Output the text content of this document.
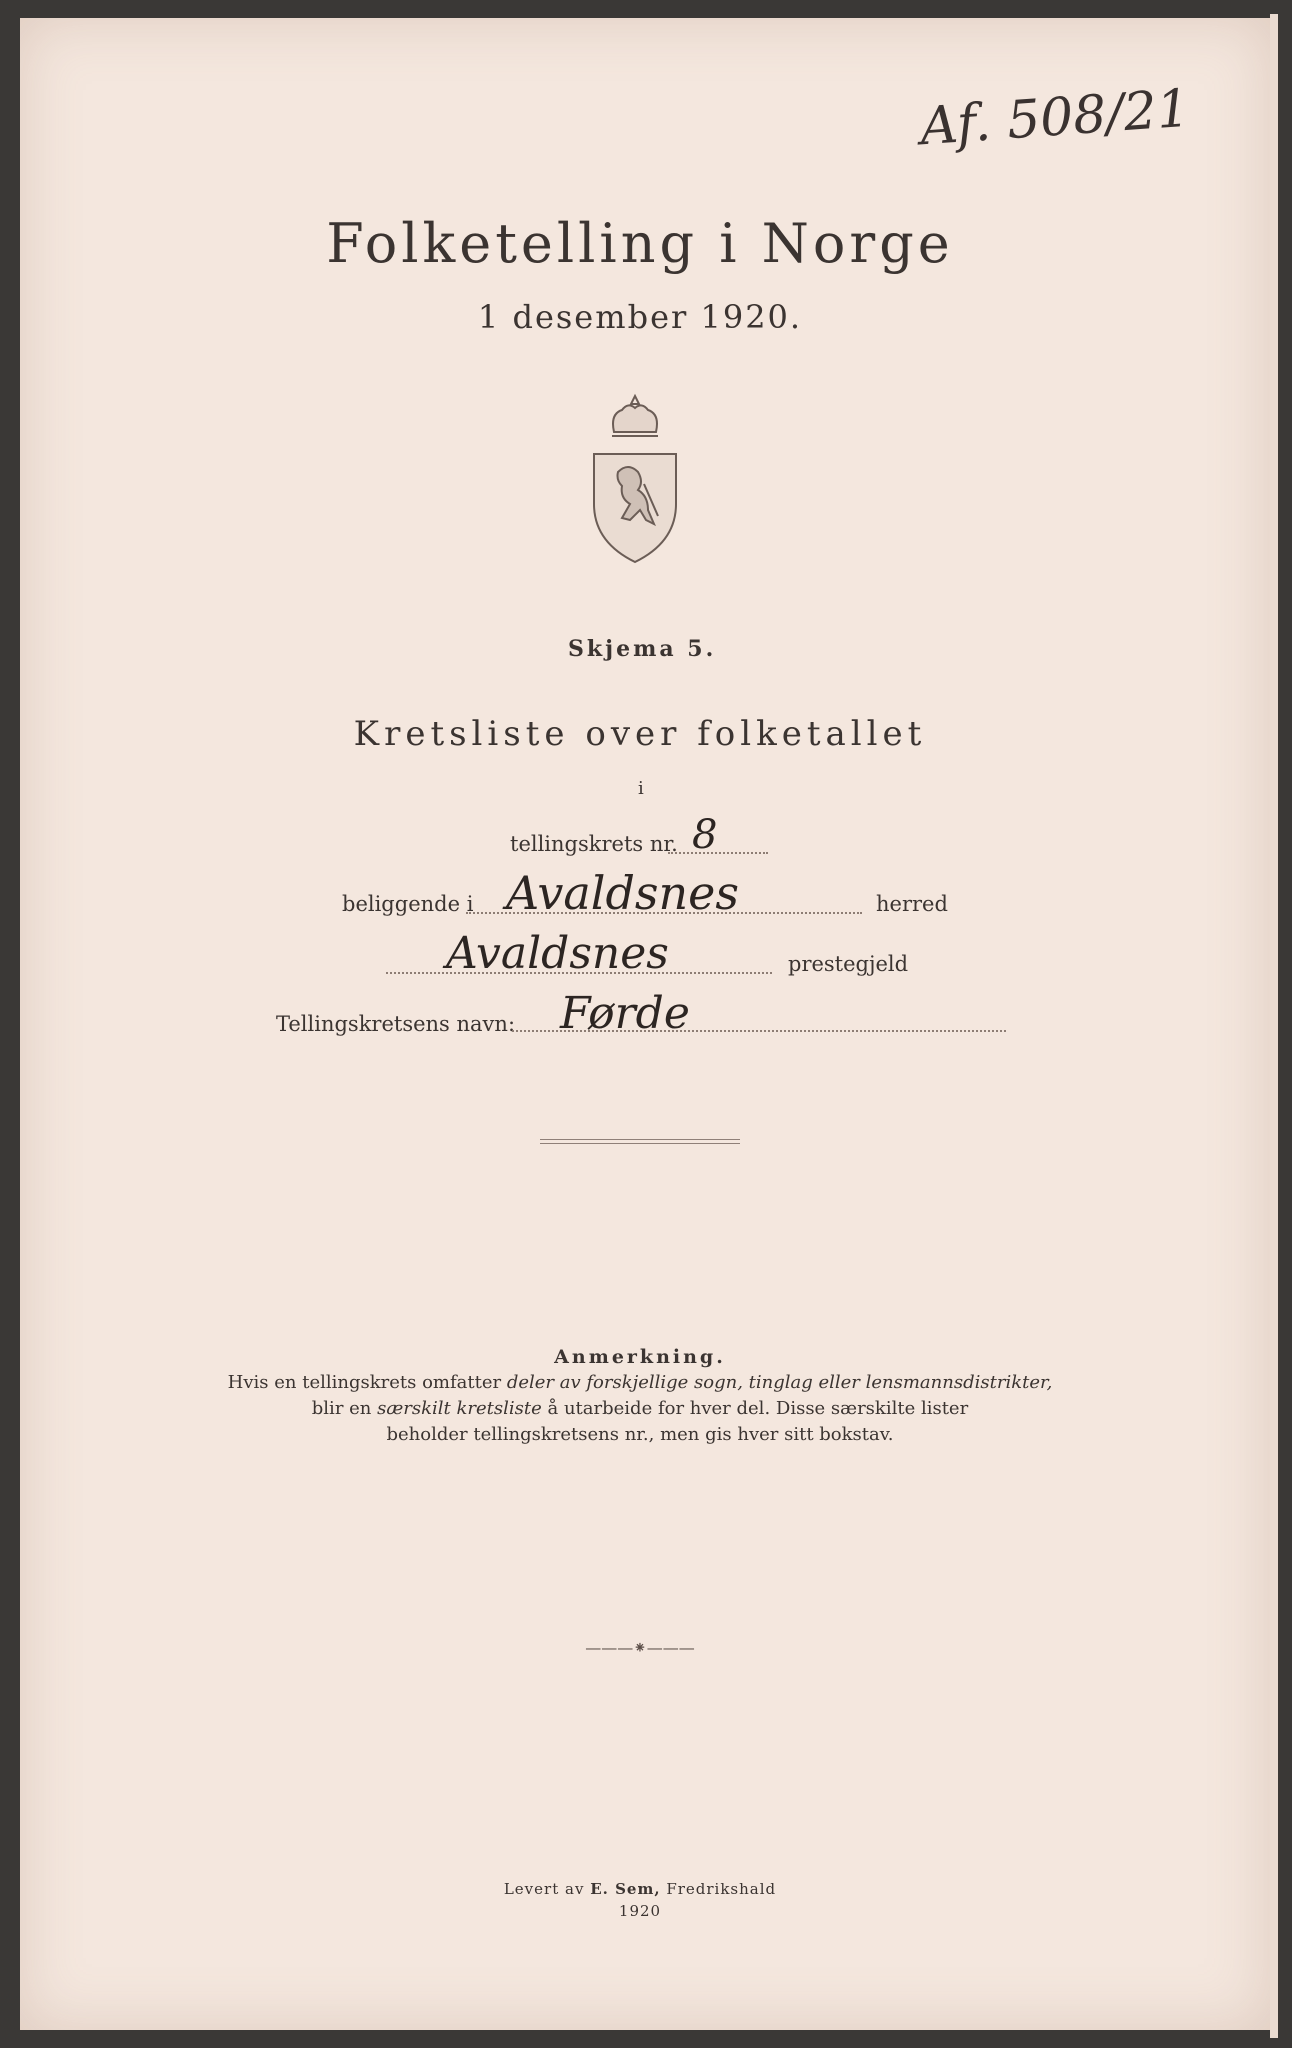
Af. 508/21
Folketelling i Norge
1 desember 1920.
Skjema 5.
Kretsliste over folketallet
i
tellingskrets nr. 8
beliggende i Avaldsnes	herred
Avaldsnes	prestegjeld
Tellingskretsens navn: Førde
Anmerkning.
Hvis en tellingskrets omfatter deler av forskjellige sogn, tinglag eller lensmannsdistrikter,
blir en særskilt kretsliste å utarbeide for hver del. Disse særskilte lister
beholder tellingskretsens nr., men gis hver sitt bokstav.
———⁕———
Levert av E. Sem, Fredrikshald
1920
